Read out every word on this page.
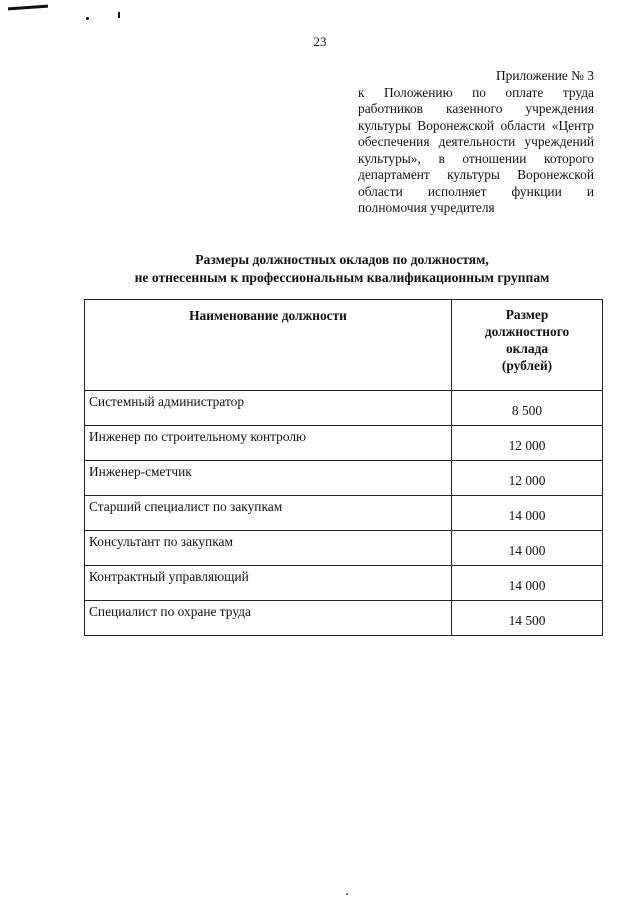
23
Приложение № 3
к Положению по оплате труда работников казенного учреждения культуры Воронежской области «Центр обеспечения деятельности учреждений культуры», в отношении которого департамент культуры Воронежской области исполняет функции и полномочия учредителя
Размеры должностных окладов по должностям,
не отнесенным к профессиональным квалификационным группам
Наименование должности	Размер
должностного
оклада
(рублей)

Системный администратор	8 500
Инженер по строительному контролю	12 000
Инженер-сметчик	12 000
Старший специалист по закупкам	14 000
Консультант по закупкам	14 000
Контрактный управляющий	14 000
Специалист по охране труда	14 500
